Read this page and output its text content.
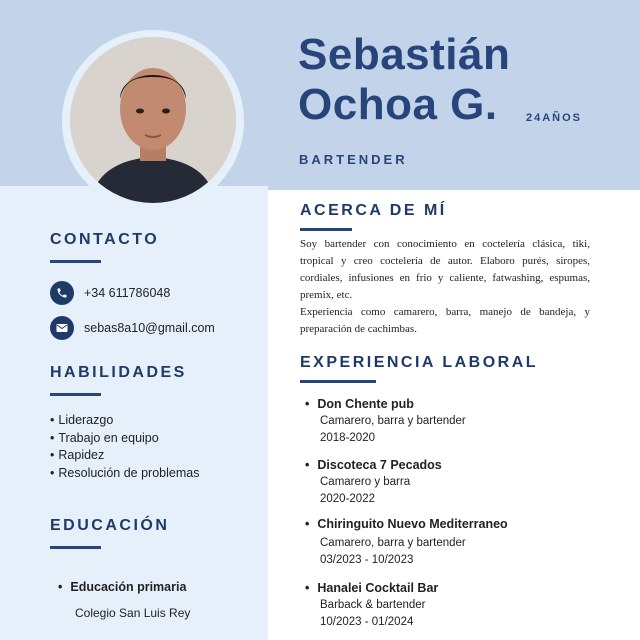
Sebastián
Ochoa G.	24AÑOS
BARTENDER
CONTACTO
+34 611786048
sebas8a10@gmail.com
HABILIDADES
• Liderazgo
• Trabajo en equipo
• Rapidez
• Resolución de problemas
EDUCACIÓN
• Educación primaria
Colegio San Luis Rey
ACERCA DE MÍ

Soy bartender con conocimiento en coctelería clásica, tiki, tropical y creo coctelería de autor. Elaboro purés, siropes, cordiales, infusiones en frio y caliente, fatwashing, espumas, premix, etc.

Experiencia como camarero, barra, manejo de bandeja, y preparación de cachimbas.

EXPERIENCIA LABORAL
• Don Chente pub
Camarero, barra y bartender
2018-2020
• Discoteca 7 Pecados
Camarero y barra
2020-2022
• Chiringuito Nuevo Mediterraneo
Camarero, barra y bartender
03/2023 - 10/2023
• Hanalei Cocktail Bar
Barback & bartender
10/2023 - 01/2024
